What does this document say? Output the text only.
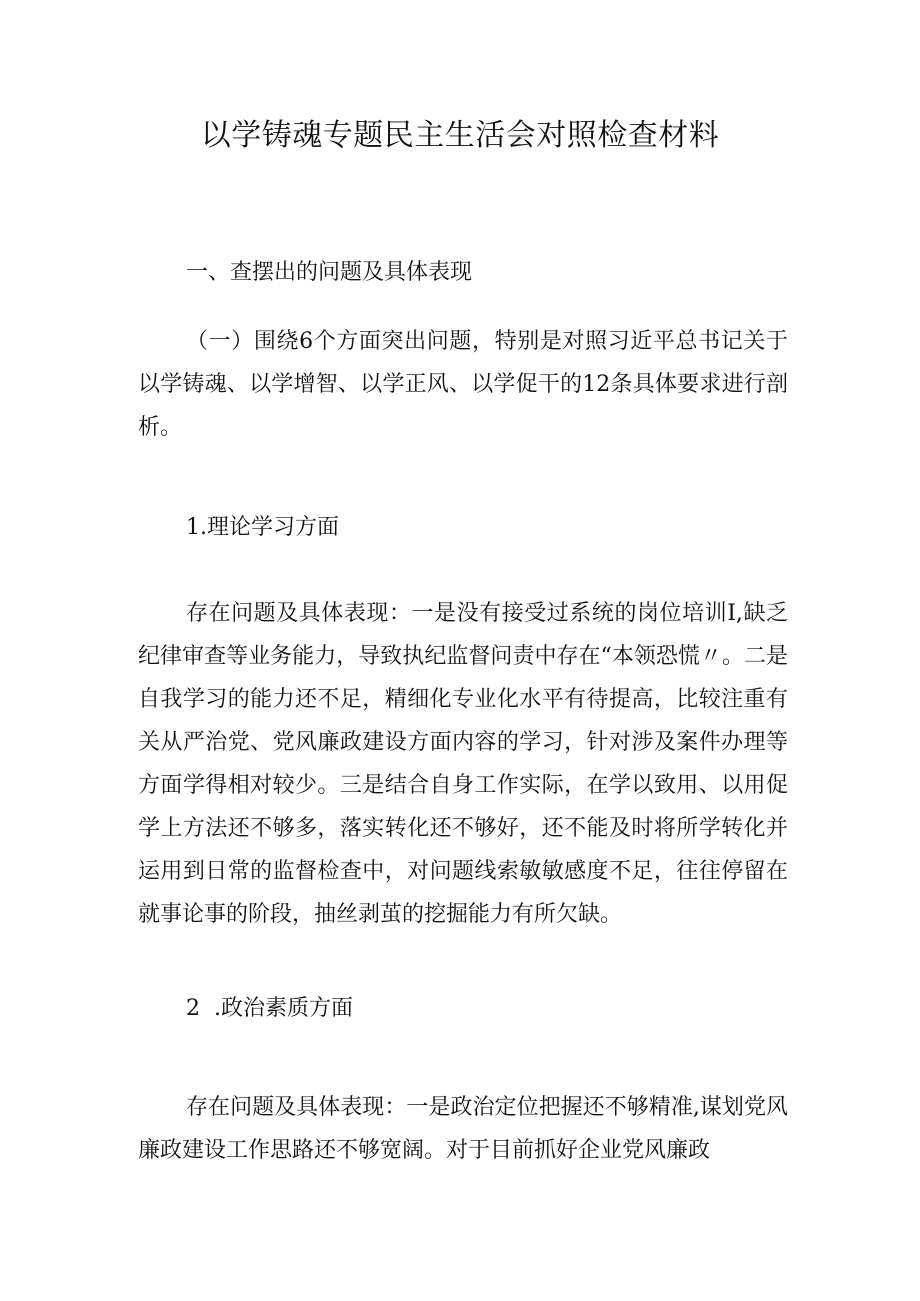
以学铸魂专题民主生活会对照检查材料

一、查摆出的问题及具体表现

（一）围绕6个方面突出问题，特别是对照习近平总书记关于以学铸魂、以学增智、以学正风、以学促干的12条具体要求进行剖析。

1.理论学习方面

存在问题及具体表现：一是没有接受过系统的岗位培训I,缺乏纪律审查等业务能力，导致执纪监督问责中存在“本领恐慌〃。二是自我学习的能力还不足，精细化专业化水平有待提高，比较注重有关从严治党、党风廉政建设方面内容的学习，针对涉及案件办理等方面学得相对较少。三是结合自身工作实际，在学以致用、以用促学上方法还不够多，落实转化还不够好，还不能及时将所学转化并运用到日常的监督检查中，对问题线索敏敏感度不足，往往停留在就事论事的阶段，抽丝剥茧的挖掘能力有所欠缺。

2  .政治素质方面

存在问题及具体表现：一是政治定位把握还不够精准,谋划党风廉政建设工作思路还不够宽阔。对于目前抓好企业党风廉政
